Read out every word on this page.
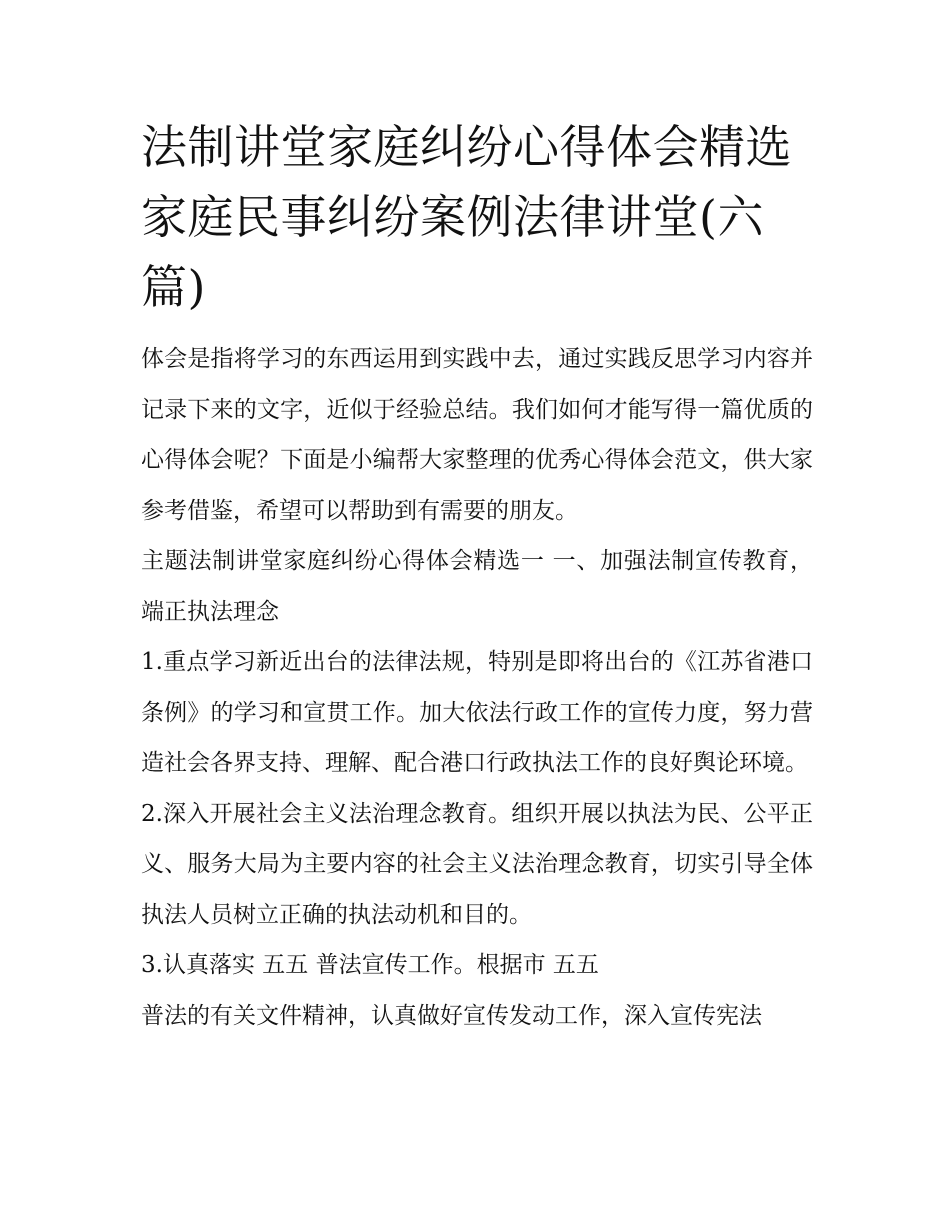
法制讲堂家庭纠纷心得体会精选 家庭民事纠纷案例法律讲堂(六篇)

体会是指将学习的东西运用到实践中去，通过实践反思学习内容并记录下来的文字，近似于经验总结。我们如何才能写得一篇优质的心得体会呢？下面是小编帮大家整理的优秀心得体会范文，供大家参考借鉴，希望可以帮助到有需要的朋友。

主题法制讲堂家庭纠纷心得体会精选一 一、加强法制宣传教育，端正执法理念

1.重点学习新近出台的法律法规，特别是即将出台的《江苏省港口条例》的学习和宣贯工作。加大依法行政工作的宣传力度，努力营造社会各界支持、理解、配合港口行政执法工作的良好舆论环境。

2.深入开展社会主义法治理念教育。组织开展以执法为民、公平正义、服务大局为主要内容的社会主义法治理念教育，切实引导全体执法人员树立正确的执法动机和目的。

3.认真落实 五五 普法宣传工作。根据市 五五

普法的有关文件精神，认真做好宣传发动工作，深入宣传宪法
